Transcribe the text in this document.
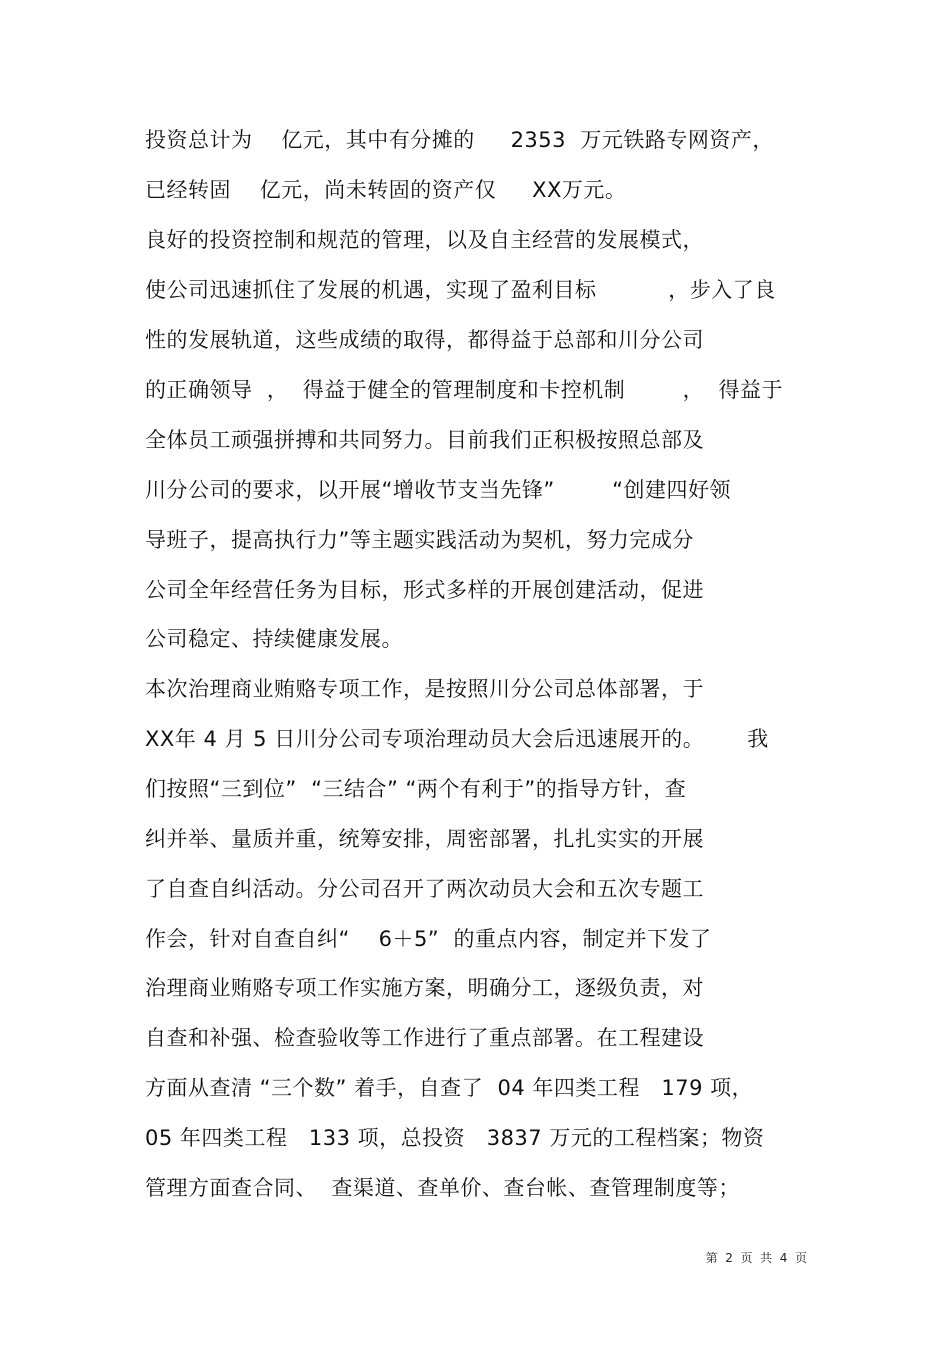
投资总计为    亿元，其中有分摊的     2353  万元铁路专网资产，
已经转固    亿元，尚未转固的资产仅     XX万元。
良好的投资控制和规范的管理，以及自主经营的发展模式，
使公司迅速抓住了发展的机遇，实现了盈利目标          ，步入了良
性的发展轨道，这些成绩的取得，都得益于总部和川分公司
的正确领导  ，  得益于健全的管理制度和卡控机制        ，  得益于
全体员工顽强拼搏和共同努力。目前我们正积极按照总部及
川分公司的要求，以开展“增收节支当先锋”        “创建四好领
导班子，提高执行力”等主题实践活动为契机，努力完成分
公司全年经营任务为目标，形式多样的开展创建活动，促进
公司稳定、持续健康发展。
本次治理商业贿赂专项工作，是按照川分公司总体部署，于
XX年 4 月 5 日川分公司专项治理动员大会后迅速展开的。      我
们按照“三到位”  “三结合” “两个有利于”的指导方针，查
纠并举、量质并重，统筹安排，周密部署，扎扎实实的开展
了自查自纠活动。分公司召开了两次动员大会和五次专题工
作会，针对自查自纠“    6＋5”  的重点内容，制定并下发了
治理商业贿赂专项工作实施方案，明确分工，逐级负责，对
自查和补强、检查验收等工作进行了重点部署。在工程建设
方面从查清 “三个数” 着手，自查了  04 年四类工程   179 项，
05 年四类工程   133 项，总投资   3837 万元的工程档案；物资
管理方面查合同、  查渠道、查单价、查台帐、查管理制度等；
第  2  页  共  4  页
